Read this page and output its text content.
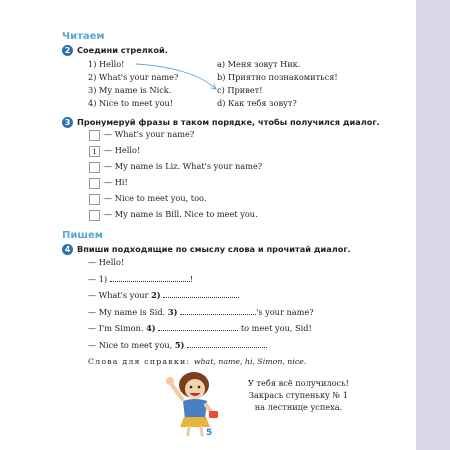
Читаем
2 Соедини стрелкой.
1) Hello!
2) What's your name?
3) My name is Nick.
4) Nice to meet you!
a) Меня зовут Ник.
b) Приятно познакомиться!
c) Привет!
d) Как тебя зовут?
3 Пронумеруй фразы в таком порядке, чтобы получился диалог.
— What's your name?
1 — Hello!
— My name is Liz. What's your name?
— Hi!
— Nice to meet you, too.
— My name is Bill. Nice to meet you.
Пишем
4 Впиши подходящие по смыслу слова и прочитай диалог.
— Hello!
— 1)	!
— What's your 2)
— My name is Sid. 3)	's your name?
— I'm Simon. 4)	to meet you, Sid!
— Nice to meet you, 5)
Слова для справки: what, name, hi, Simon, nice.
У тебя всё получилось!
Закрась ступеньку № 1
на лестнице успеха.
5
